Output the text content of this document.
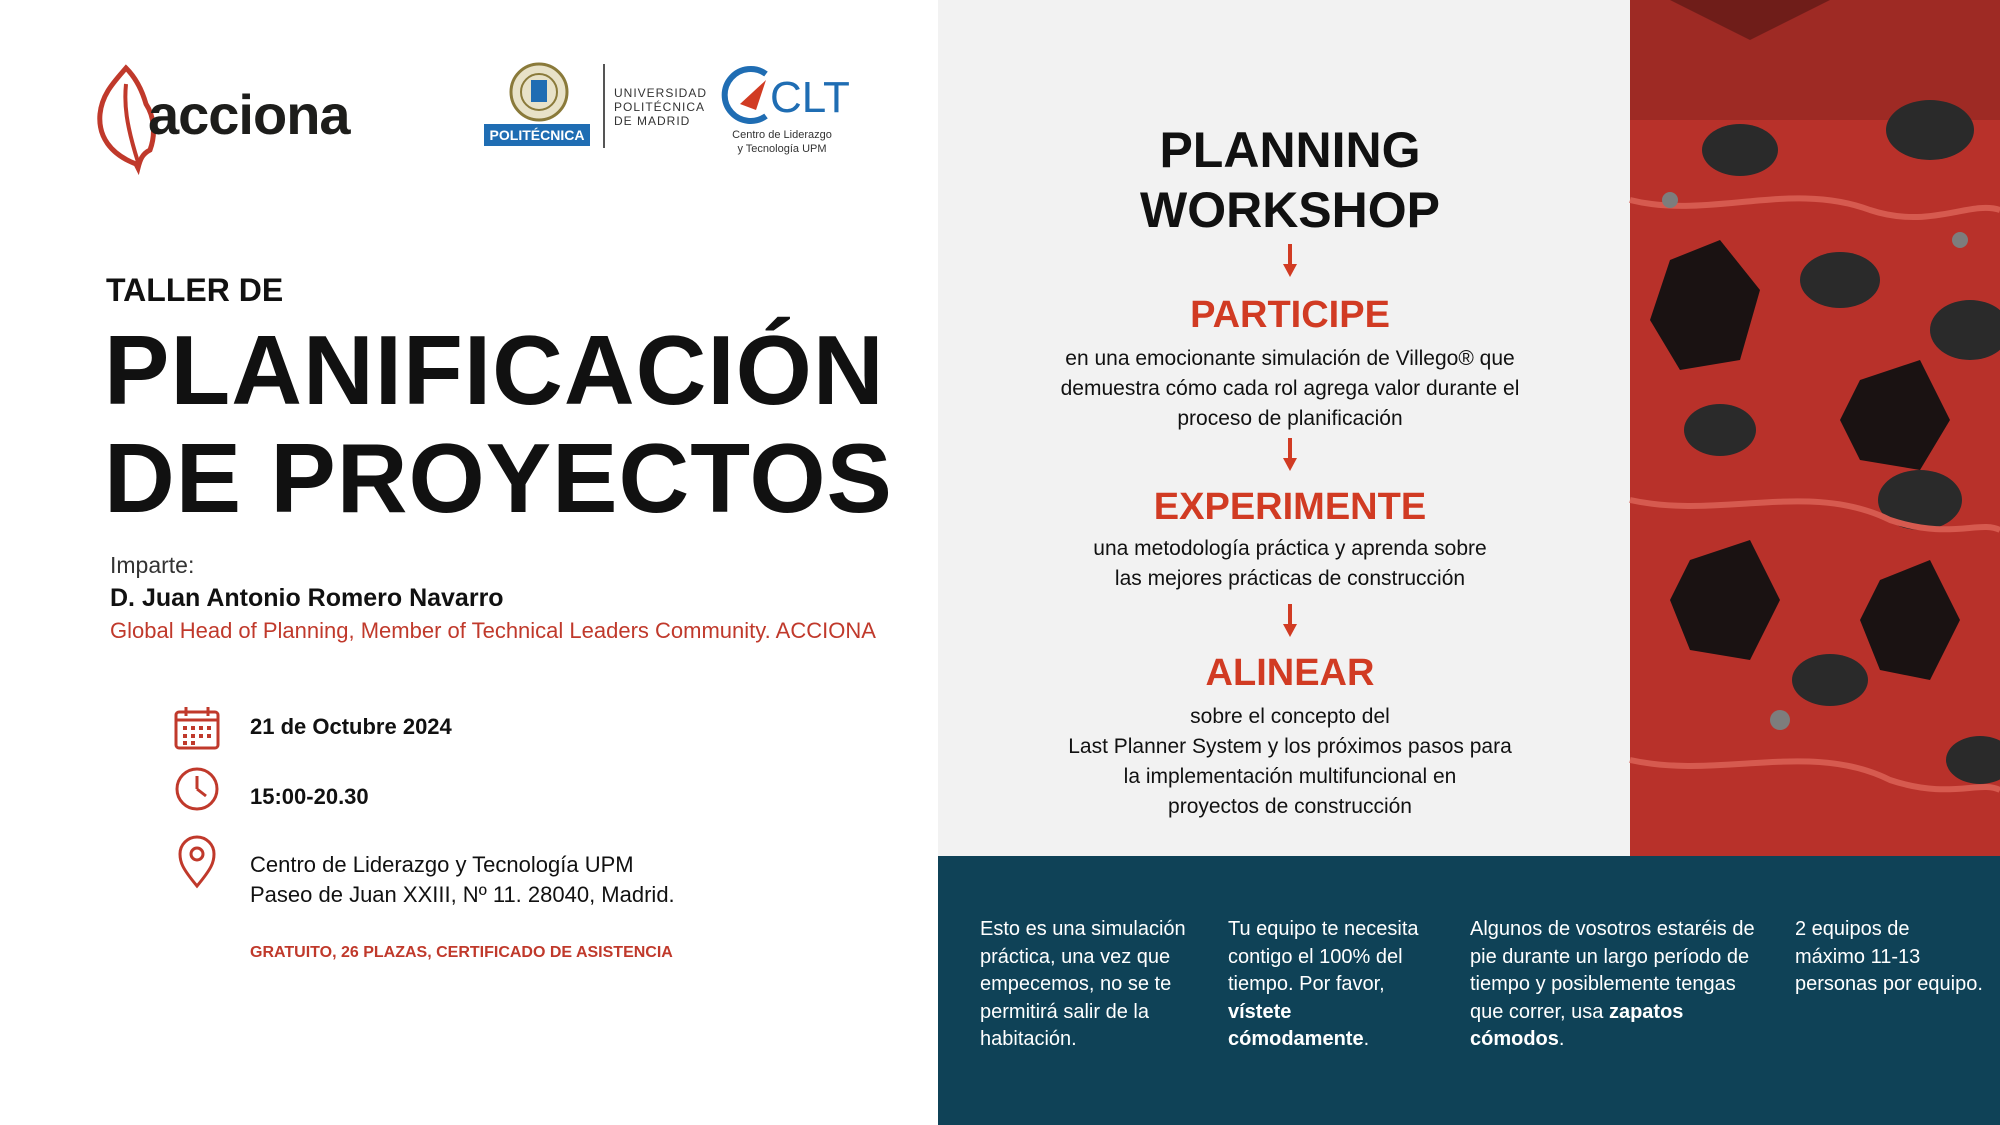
acciona	POLITÉCNICA
UNIVERSIDAD
POLITÉCNICA
DE MADRID	CLT
Centro de Liderazgo
y Tecnología UPM
TALLER DE
PLANIFICACIÓN
DE PROYECTOS
Imparte:
D. Juan Antonio Romero Navarro
Global Head of Planning, Member of Technical Leaders Community. ACCIONA
21 de Octubre 2024
15:00-20.30
Centro de Liderazgo y Tecnología UPM
Paseo de Juan XXIII, Nº 11. 28040, Madrid.
GRATUITO, 26 PLAZAS, CERTIFICADO DE ASISTENCIA
PLANNING
WORKSHOP
PARTICIPE
en una emocionante simulación de Villego® que
demuestra cómo cada rol agrega valor durante el
proceso de planificación
EXPERIMENTE
una metodología práctica y aprenda sobre
las mejores prácticas de construcción
ALINEAR
sobre el concepto del
Last Planner System y los próximos pasos para
la implementación multifuncional en
proyectos de construcción
Esto es una simulación práctica, una vez que empecemos, no se te permitirá salir de la habitación.
Tu equipo te necesita contigo el 100% del tiempo. Por favor, vístete cómodamente.
Algunos de vosotros estaréis de pie durante un largo período de tiempo y posiblemente tengas que correr, usa zapatos cómodos.
2 equipos de máximo 11-13 personas por equipo.
